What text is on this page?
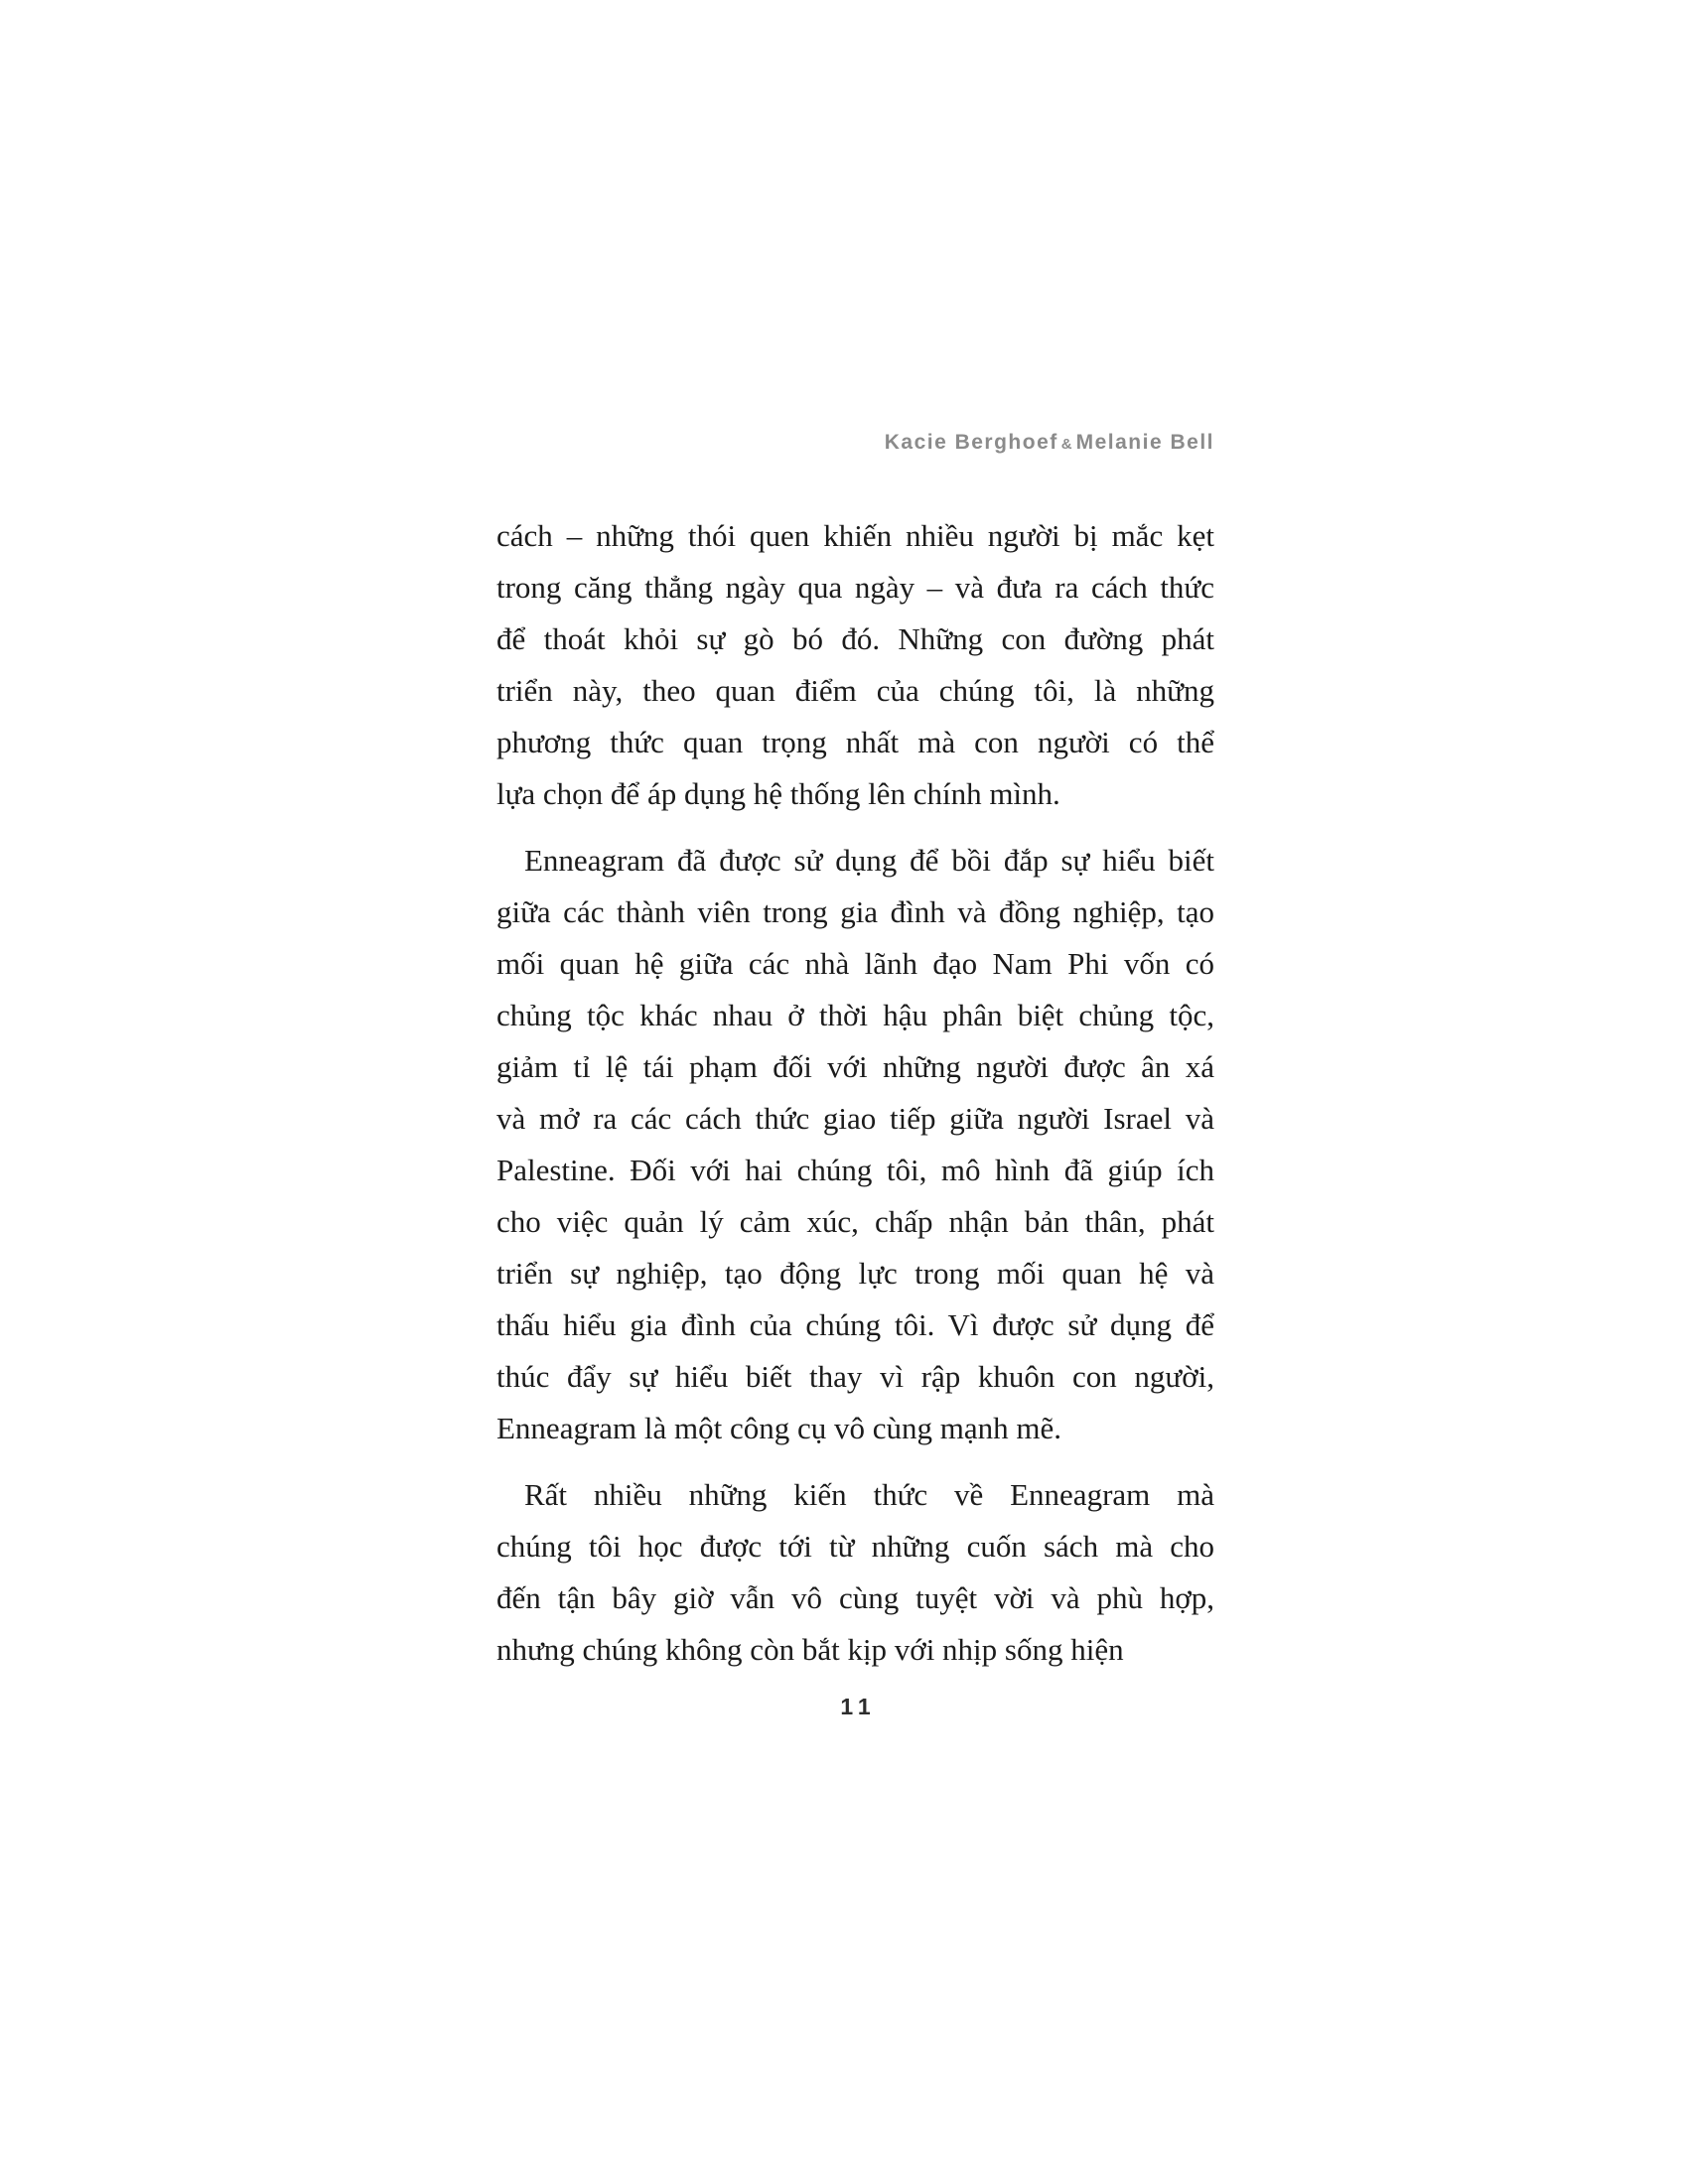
Kacie Berghoef & Melanie Bell

cách – những thói quen khiến nhiều người bị mắc kẹt
trong căng thẳng ngày qua ngày – và đưa ra cách thức
để thoát khỏi sự gò bó đó. Những con đường phát
triển này, theo quan điểm của chúng tôi, là những
phương thức quan trọng nhất mà con người có thể
lựa chọn để áp dụng hệ thống lên chính mình.

Enneagram đã được sử dụng để bồi đắp sự hiểu biết
giữa các thành viên trong gia đình và đồng nghiệp, tạo
mối quan hệ giữa các nhà lãnh đạo Nam Phi vốn có
chủng tộc khác nhau ở thời hậu phân biệt chủng tộc,
giảm tỉ lệ tái phạm đối với những người được ân xá
và mở ra các cách thức giao tiếp giữa người Israel và
Palestine. Đối với hai chúng tôi, mô hình đã giúp ích
cho việc quản lý cảm xúc, chấp nhận bản thân, phát
triển sự nghiệp, tạo động lực trong mối quan hệ và
thấu hiểu gia đình của chúng tôi. Vì được sử dụng để
thúc đẩy sự hiểu biết thay vì rập khuôn con người,
Enneagram là một công cụ vô cùng mạnh mẽ.

Rất nhiều những kiến thức về Enneagram mà
chúng tôi học được tới từ những cuốn sách mà cho
đến tận bây giờ vẫn vô cùng tuyệt vời và phù hợp,
nhưng chúng không còn bắt kịp với nhịp sống hiện

11
